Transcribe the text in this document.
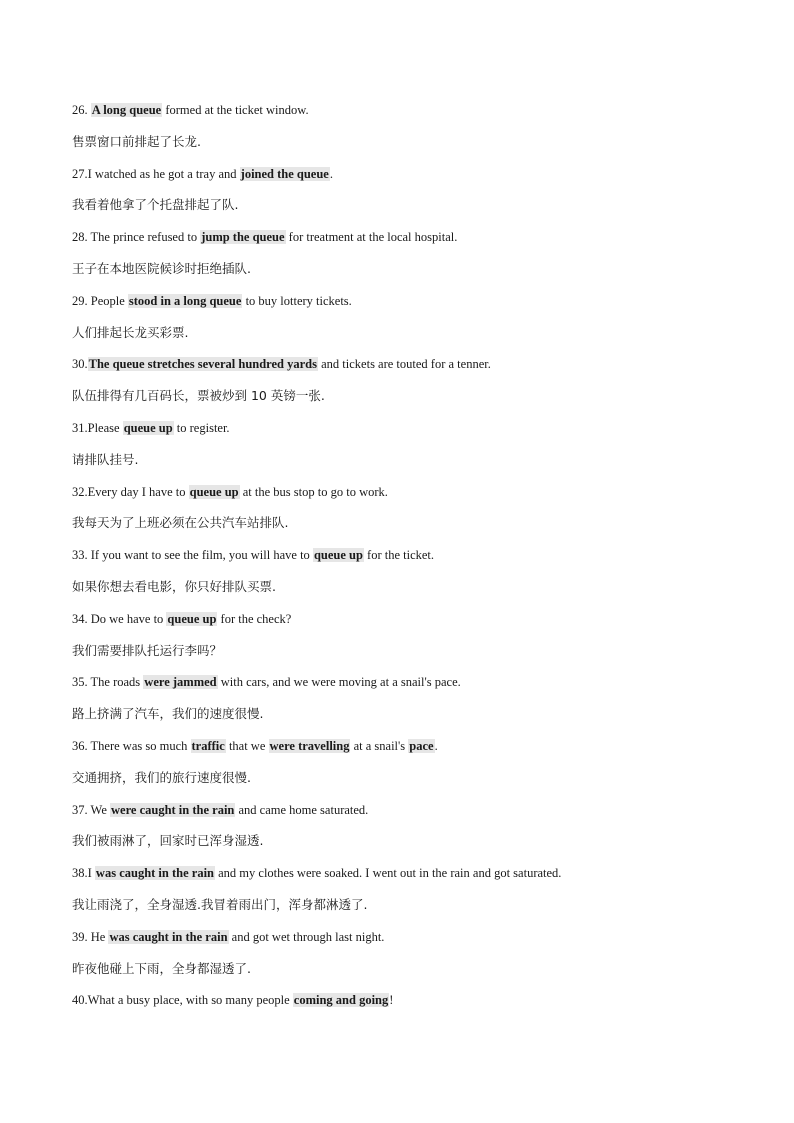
26. A long queue formed at the ticket window.

售票窗口前排起了长龙.

27.I watched as he got a tray and joined the queue.

我看着他拿了个托盘排起了队.

28. The prince refused to jump the queue for treatment at the local hospital.

王子在本地医院候诊时拒绝插队.

29. People stood in a long queue to buy lottery tickets.

人们排起长龙买彩票.

30.The queue stretches several hundred yards and tickets are touted for a tenner.

队伍排得有几百码长，票被炒到 10 英镑一张.

31.Please queue up to register.

请排队挂号.

32.Every day I have to queue up at the bus stop to go to work.

我每天为了上班必须在公共汽车站排队.

33. If you want to see the film, you will have to queue up for the ticket.

如果你想去看电影，你只好排队买票.

34. Do we have to queue up for the check?

我们需要排队托运行李吗？

35. The roads were jammed with cars, and we were moving at a snail's pace.

路上挤满了汽车，我们的速度很慢.

36. There was so much traffic that we were travelling at a snail's pace.

交通拥挤，我们的旅行速度很慢.

37. We were caught in the rain and came home saturated.

我们被雨淋了，回家时已浑身湿透.

38.I was caught in the rain and my clothes were soaked. I went out in the rain and got saturated.

我让雨浇了，全身湿透.我冒着雨出门，浑身都淋透了.

39. He was caught in the rain and got wet through last night.

昨夜他碰上下雨，全身都湿透了.

40.What a busy place, with so many people coming and going!
